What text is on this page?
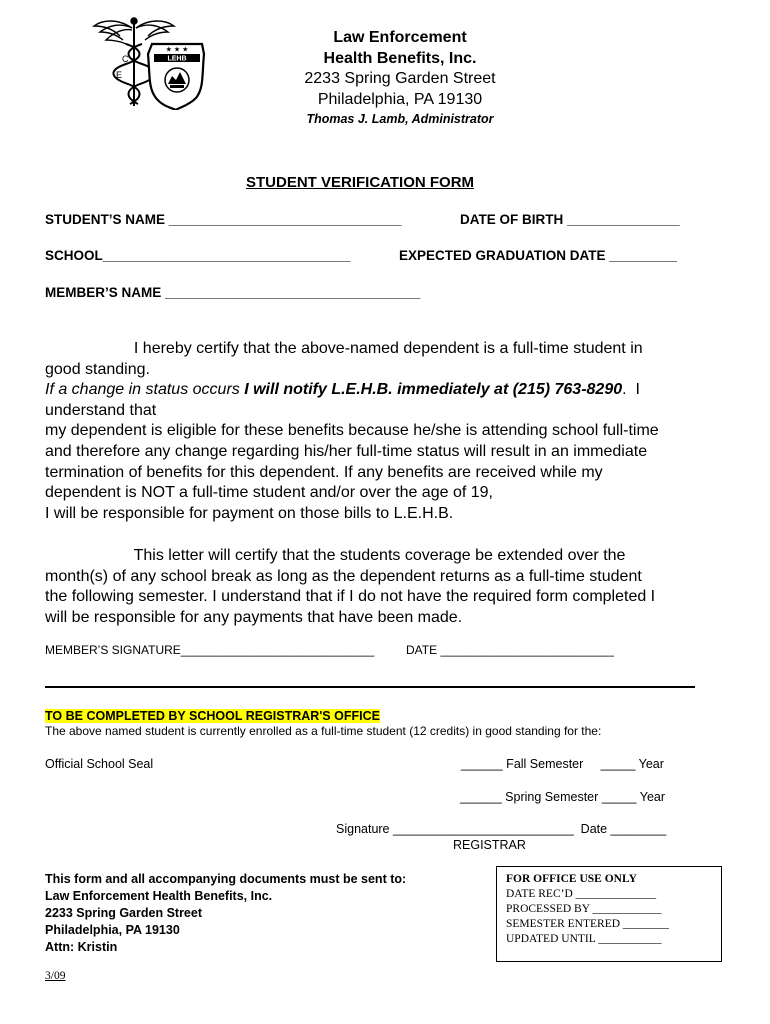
C
E
★ ★ ★
LEHB
Law Enforcement
Health Benefits, Inc.
2233 Spring Garden Street
Philadelphia, PA 19130
Thomas J. Lamb, Administrator
STUDENT VERIFICATION FORM
STUDENT’S NAME _______________________________	DATE OF BIRTH _______________
SCHOOL_________________________________	EXPECTED GRADUATION DATE _________
MEMBER’S NAME __________________________________
I hereby certify that the above-named dependent is a full-time student in
good standing.
If a change in status occurs I will notify L.E.H.B. immediately at (215) 763-8290.  I
understand that
my dependent is eligible for these benefits because he/she is attending school full-time
and therefore any change regarding his/her full-time status will result in an immediate
termination of benefits for this dependent. If any benefits are received while my
dependent is NOT a full-time student and/or over the age of 19,
I will be responsible for payment on those bills to L.E.H.B.
This letter will certify that the students coverage be extended over the
month(s) of any school break as long as the dependent returns as a full-time student
the following semester. I understand that if I do not have the required form completed I
will be responsible for any payments that have been made.
MEMBER’S SIGNATURE_____________________________	DATE __________________________
TO BE COMPLETED BY SCHOOL REGISTRAR'S OFFICE
The above named student is currently enrolled as a full-time student (12 credits) in good standing for the:
Official School Seal	______ Fall Semester     _____ Year
______ Spring Semester _____ Year
Signature __________________________  Date ________
REGISTRAR
This form and all accompanying documents must be sent to:
Law Enforcement Health Benefits, Inc.
2233 Spring Garden Street
Philadelphia, PA 19130
Attn: Kristin
FOR OFFICE USE ONLY
DATE REC’D ______________
PROCESSED BY ____________
SEMESTER ENTERED ________
UPDATED UNTIL ___________
3/09
